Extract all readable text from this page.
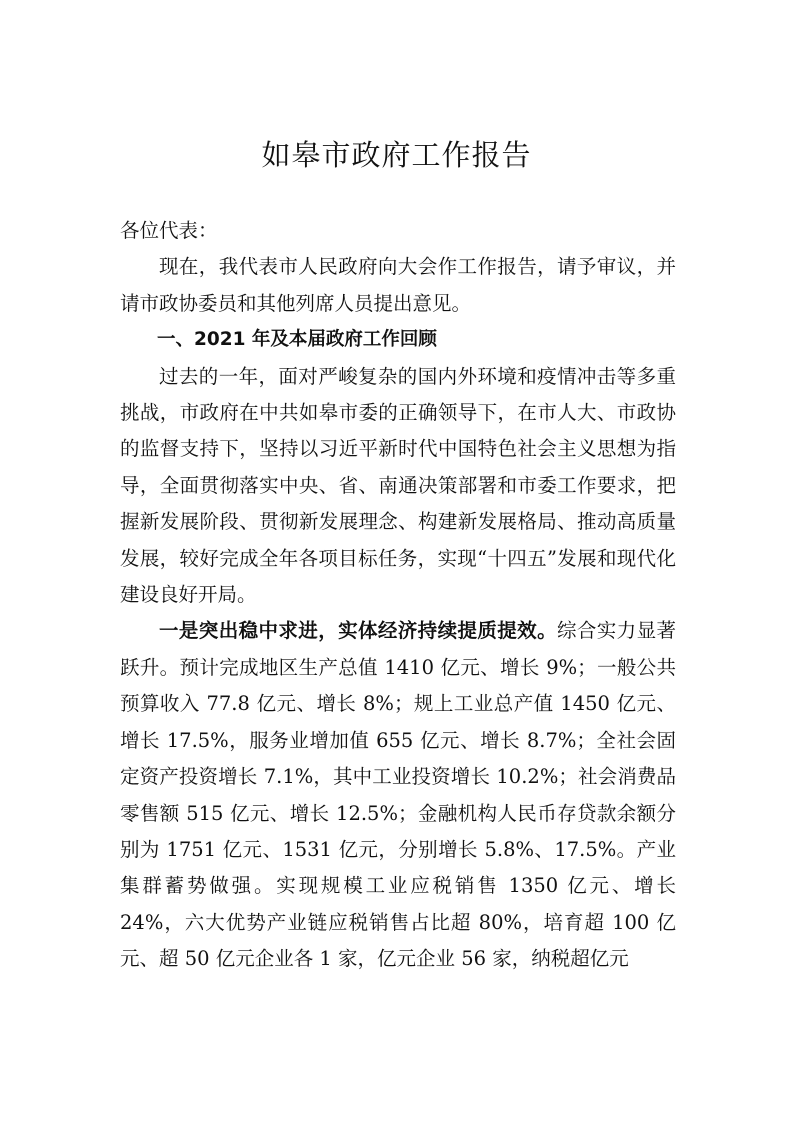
如皋市政府工作报告

各位代表：

现在，我代表市人民政府向大会作工作报告，请予审议，并请市政协委员和其他列席人员提出意见。

一、2021 年及本届政府工作回顾

过去的一年，面对严峻复杂的国内外环境和疫情冲击等多重挑战，市政府在中共如皋市委的正确领导下，在市人大、市政协的监督支持下，坚持以习近平新时代中国特色社会主义思想为指导，全面贯彻落实中央、省、南通决策部署和市委工作要求，把握新发展阶段、贯彻新发展理念、构建新发展格局、推动高质量发展，较好完成全年各项目标任务，实现“十四五”发展和现代化建设良好开局。

一是突出稳中求进，实体经济持续提质提效。综合实力显著跃升。预计完成地区生产总值 1410 亿元、增长 9%；一般公共预算收入 77.8 亿元、增长 8%；规上工业总产值 1450 亿元、增长 17.5%，服务业增加值 655 亿元、增长 8.7%；全社会固定资产投资增长 7.1%，其中工业投资增长 10.2%；社会消费品零售额 515 亿元、增长 12.5%；金融机构人民币存贷款余额分别为 1751 亿元、1531 亿元，分别增长 5.8%、17.5%。产业集群蓄势做强。实现规模工业应税销售 1350 亿元、增长 24%，六大优势产业链应税销售占比超 80%，培育超 100 亿元、超 50 亿元企业各 1 家，亿元企业 56 家，纳税超亿元
